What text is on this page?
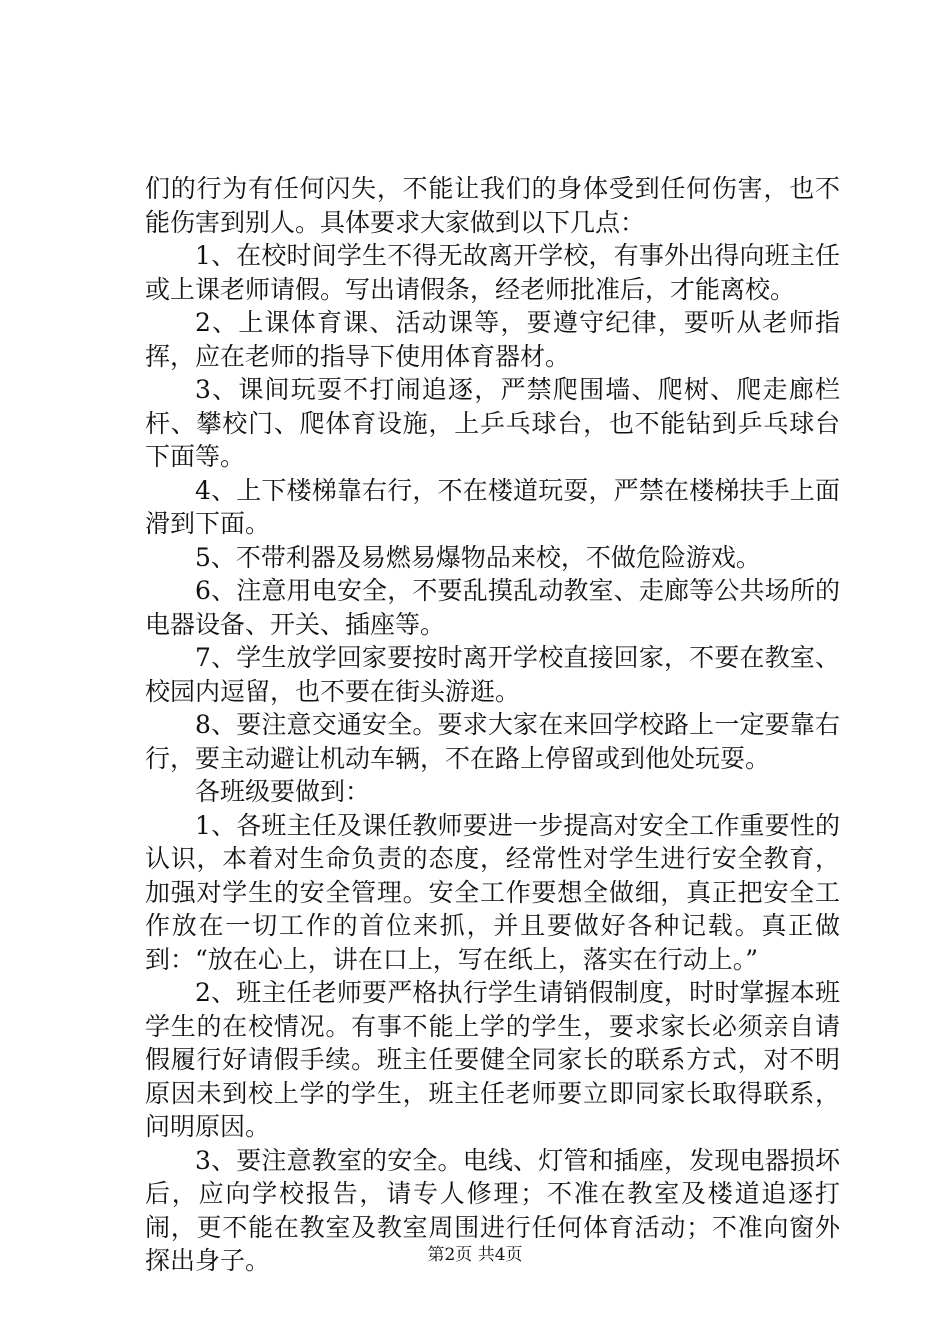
们的行为有任何闪失，不能让我们的身体受到任何伤害，也不能伤害到别人。具体要求大家做到以下几点：

1、在校时间学生不得无故离开学校，有事外出得向班主任或上课老师请假。写出请假条，经老师批准后，才能离校。

2、上课体育课、活动课等，要遵守纪律，要听从老师指挥，应在老师的指导下使用体育器材。

3、课间玩耍不打闹追逐，严禁爬围墙、爬树、爬走廊栏杆、攀校门、爬体育设施，上乒乓球台，也不能钻到乒乓球台下面等。

4、上下楼梯靠右行，不在楼道玩耍，严禁在楼梯扶手上面滑到下面。

5、不带利器及易燃易爆物品来校，不做危险游戏。

6、注意用电安全，不要乱摸乱动教室、走廊等公共场所的电器设备、开关、插座等。

7、学生放学回家要按时离开学校直接回家，不要在教室、校园内逗留，也不要在街头游逛。

8、要注意交通安全。要求大家在来回学校路上一定要靠右行，要主动避让机动车辆，不在路上停留或到他处玩耍。

各班级要做到：

1、各班主任及课任教师要进一步提高对安全工作重要性的认识，本着对生命负责的态度，经常性对学生进行安全教育，加强对学生的安全管理。安全工作要想全做细，真正把安全工作放在一切工作的首位来抓，并且要做好各种记载。真正做到：“放在心上，讲在口上，写在纸上，落实在行动上。”

2、班主任老师要严格执行学生请销假制度，时时掌握本班学生的在校情况。有事不能上学的学生，要求家长必须亲自请假履行好请假手续。班主任要健全同家长的联系方式，对不明原因未到校上学的学生，班主任老师要立即同家长取得联系，问明原因。

3、要注意教室的安全。电线、灯管和插座，发现电器损坏后，应向学校报告，请专人修理；不准在教室及楼道追逐打闹，更不能在教室及教室周围进行任何体育活动；不准向窗外探出身子。	第2页 共4页
